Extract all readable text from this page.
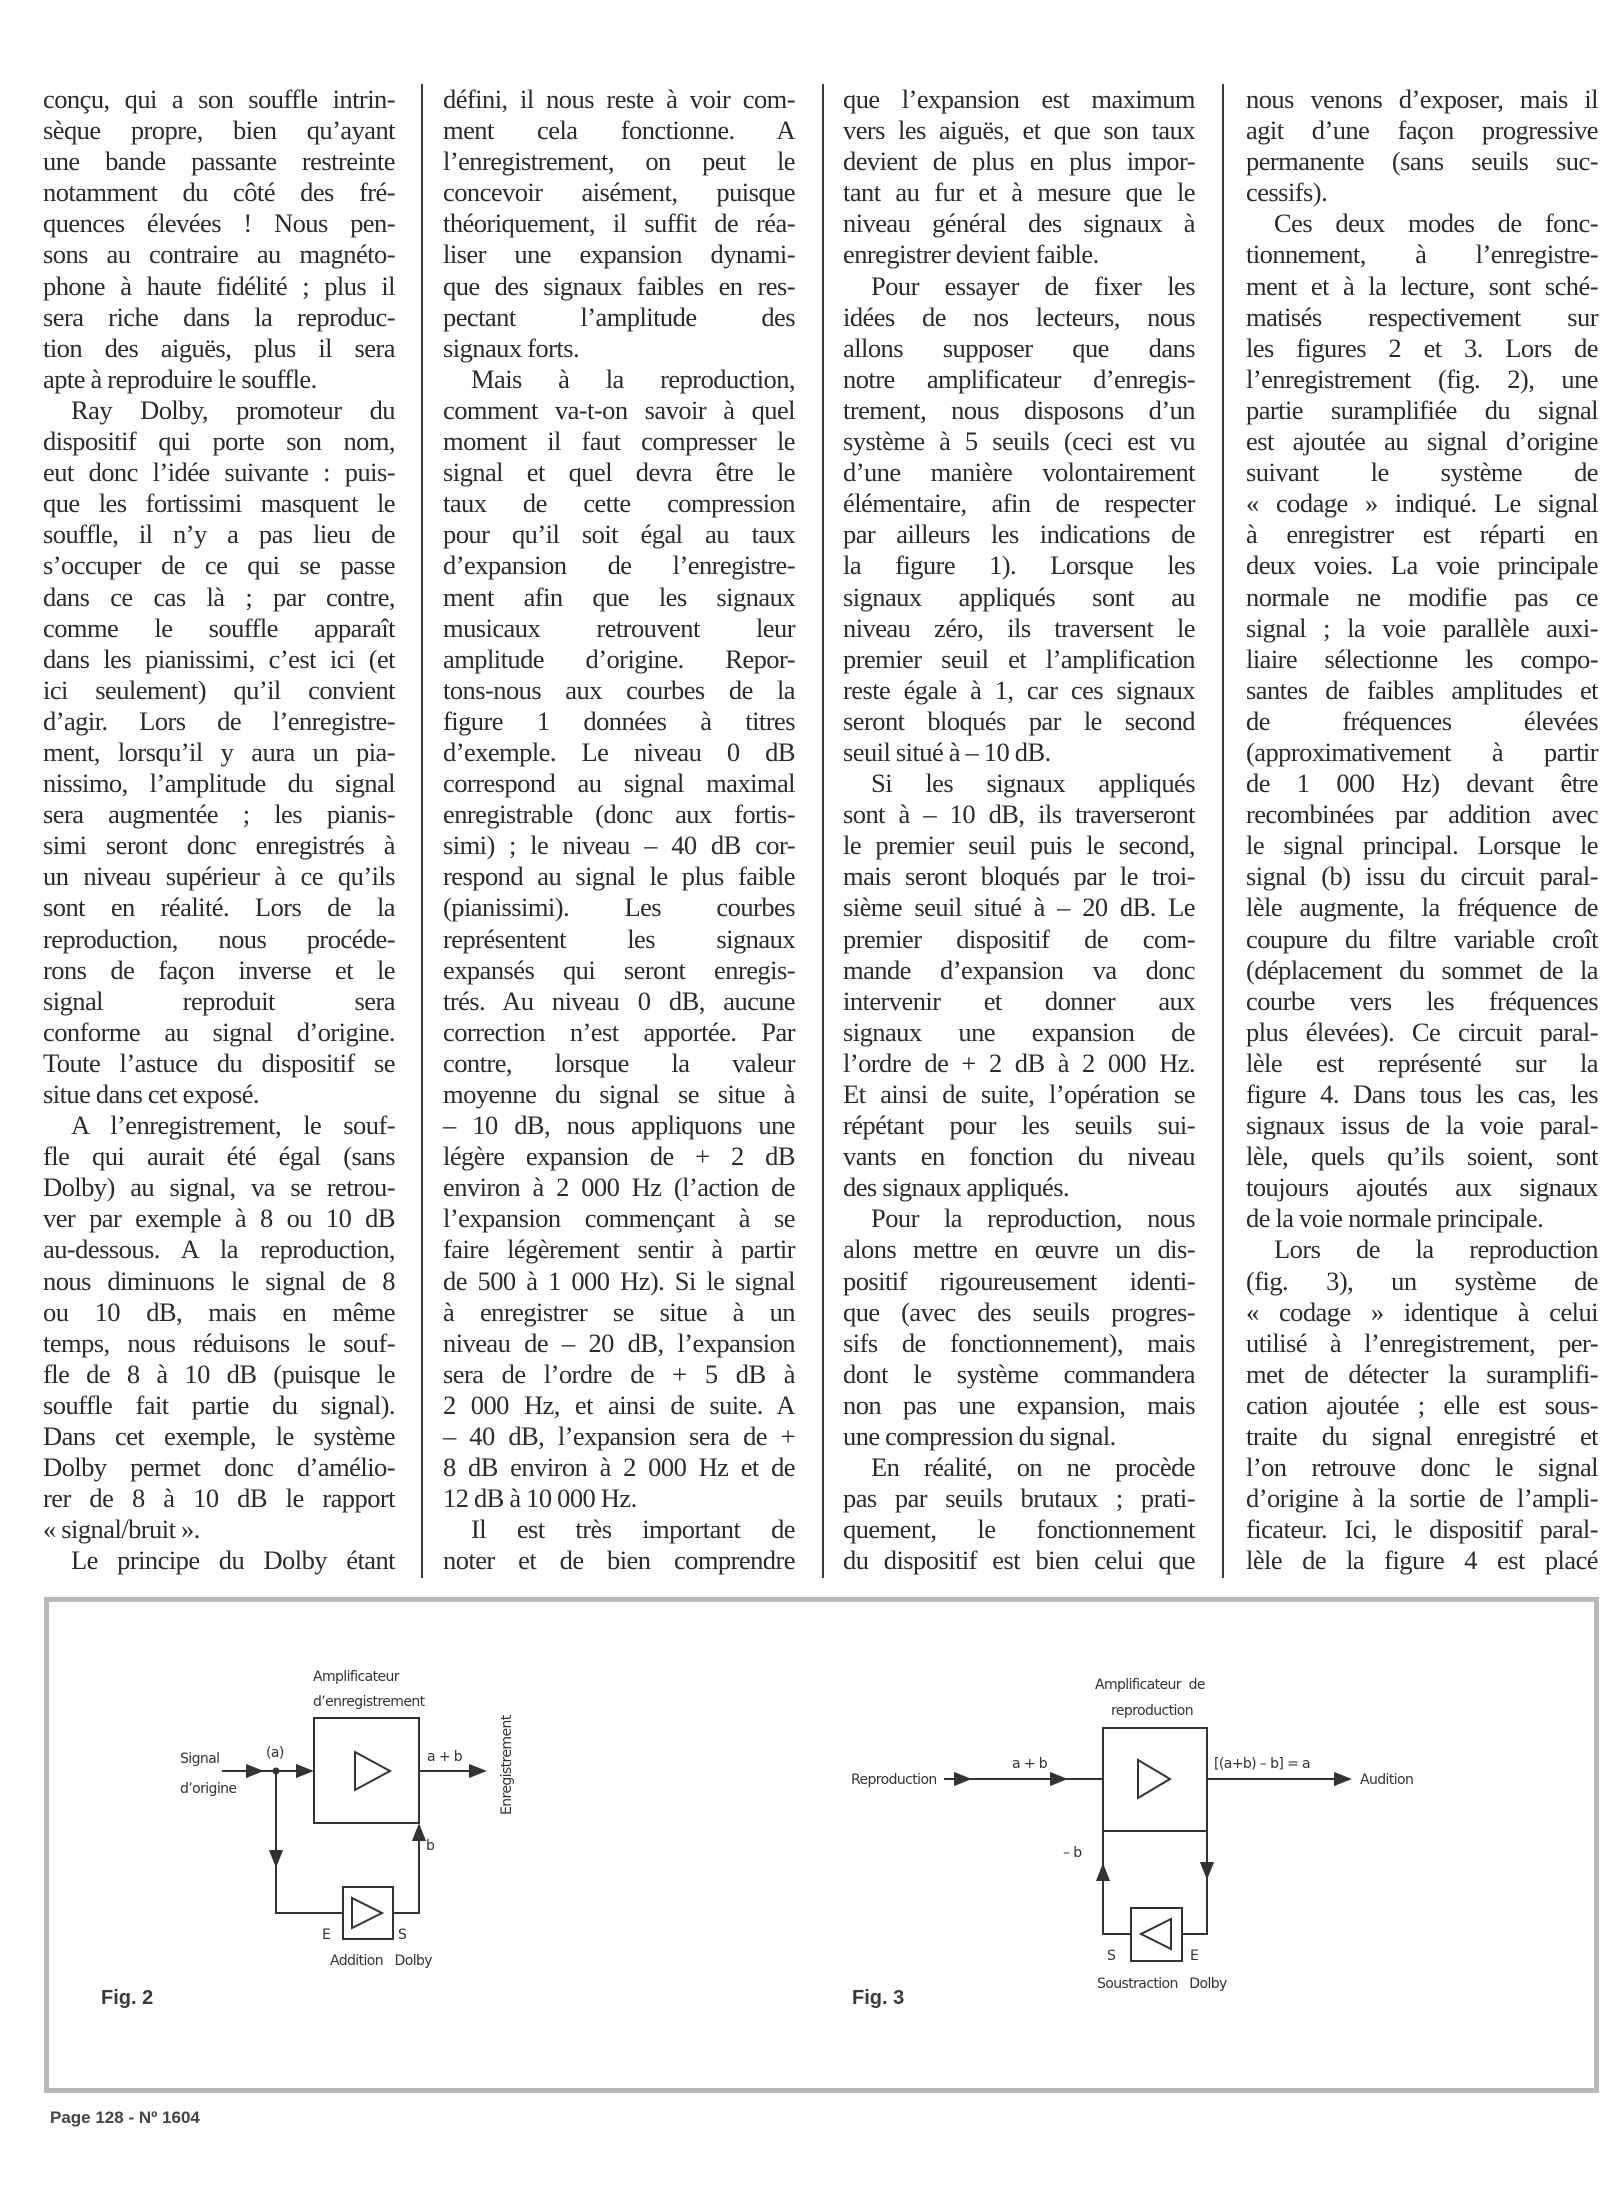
conçu, qui a son souffle intrin-
sèque propre, bien qu’ayant
une bande passante restreinte
notamment du côté des fré-
quences élevées ! Nous pen-
sons au contraire au magnéto-
phone à haute fidélité ; plus il
sera riche dans la reproduc-
tion des aiguës, plus il sera
apte à reproduire le souffle.
Ray Dolby, promoteur du
dispositif qui porte son nom,
eut donc l’idée suivante : puis-
que les fortissimi masquent le
souffle, il n’y a pas lieu de
s’occuper de ce qui se passe
dans ce cas là ; par contre,
comme le souffle apparaît
dans les pianissimi, c’est ici (et
ici seulement) qu’il convient
d’agir. Lors de l’enregistre-
ment, lorsqu’il y aura un pia-
nissimo, l’amplitude du signal
sera augmentée ; les pianis-
simi seront donc enregistrés à
un niveau supérieur à ce qu’ils
sont en réalité. Lors de la
reproduction, nous procéde-
rons de façon inverse et le
signal reproduit sera
conforme au signal d’origine.
Toute l’astuce du dispositif se
situe dans cet exposé.
A l’enregistrement, le souf-
fle qui aurait été égal (sans
Dolby) au signal, va se retrou-
ver par exemple à 8 ou 10 dB
au-dessous. A la reproduction,
nous diminuons le signal de 8
ou 10 dB, mais en même
temps, nous réduisons le souf-
fle de 8 à 10 dB (puisque le
souffle fait partie du signal).
Dans cet exemple, le système
Dolby permet donc d’amélio-
rer de 8 à 10 dB le rapport
« signal/bruit ».
Le principe du Dolby étant
défini, il nous reste à voir com-
ment cela fonctionne. A
l’enregistrement, on peut le
concevoir aisément, puisque
théoriquement, il suffit de réa-
liser une expansion dynami-
que des signaux faibles en res-
pectant l’amplitude des
signaux forts.
Mais à la reproduction,
comment va-t-on savoir à quel
moment il faut compresser le
signal et quel devra être le
taux de cette compression
pour qu’il soit égal au taux
d’expansion de l’enregistre-
ment afin que les signaux
musicaux retrouvent leur
amplitude d’origine. Repor-
tons-nous aux courbes de la
figure 1 données à titres
d’exemple. Le niveau 0 dB
correspond au signal maximal
enregistrable (donc aux fortis-
simi) ; le niveau – 40 dB cor-
respond au signal le plus faible
(pianissimi). Les courbes
représentent les signaux
expansés qui seront enregis-
trés. Au niveau 0 dB, aucune
correction n’est apportée. Par
contre, lorsque la valeur
moyenne du signal se situe à
– 10 dB, nous appliquons une
légère expansion de + 2 dB
environ à 2 000 Hz (l’action de
l’expansion commençant à se
faire légèrement sentir à partir
de 500 à 1 000 Hz). Si le signal
à enregistrer se situe à un
niveau de – 20 dB, l’expansion
sera de l’ordre de + 5 dB à
2 000 Hz, et ainsi de suite. A
– 40 dB, l’expansion sera de +
8 dB environ à 2 000 Hz et de
12 dB à 10 000 Hz.
Il est très important de
noter et de bien comprendre
que l’expansion est maximum
vers les aiguës, et que son taux
devient de plus en plus impor-
tant au fur et à mesure que le
niveau général des signaux à
enregistrer devient faible.
Pour essayer de fixer les
idées de nos lecteurs, nous
allons supposer que dans
notre amplificateur d’enregis-
trement, nous disposons d’un
système à 5 seuils (ceci est vu
d’une manière volontairement
élémentaire, afin de respecter
par ailleurs les indications de
la figure 1). Lorsque les
signaux appliqués sont au
niveau zéro, ils traversent le
premier seuil et l’amplification
reste égale à 1, car ces signaux
seront bloqués par le second
seuil situé à – 10 dB.
Si les signaux appliqués
sont à – 10 dB, ils traverseront
le premier seuil puis le second,
mais seront bloqués par le troi-
sième seuil situé à – 20 dB. Le
premier dispositif de com-
mande d’expansion va donc
intervenir et donner aux
signaux une expansion de
l’ordre de + 2 dB à 2 000 Hz.
Et ainsi de suite, l’opération se
répétant pour les seuils sui-
vants en fonction du niveau
des signaux appliqués.
Pour la reproduction, nous
alons mettre en œuvre un dis-
positif rigoureusement identi-
que (avec des seuils progres-
sifs de fonctionnement), mais
dont le système commandera
non pas une expansion, mais
une compression du signal.
En réalité, on ne procède
pas par seuils brutaux ; prati-
quement, le fonctionnement
du dispositif est bien celui que
nous venons d’exposer, mais il
agit d’une façon progressive
permanente (sans seuils suc-
cessifs).
Ces deux modes de fonc-
tionnement, à l’enregistre-
ment et à la lecture, sont sché-
matisés respectivement sur
les figures 2 et 3. Lors de
l’enregistrement (fig. 2), une
partie suramplifiée du signal
est ajoutée au signal d’origine
suivant le système de
« codage » indiqué. Le signal
à enregistrer est réparti en
deux voies. La voie principale
normale ne modifie pas ce
signal ; la voie parallèle auxi-
liaire sélectionne les compo-
santes de faibles amplitudes et
de fréquences élevées
(approximativement à partir
de 1 000 Hz) devant être
recombinées par addition avec
le signal principal. Lorsque le
signal (b) issu du circuit paral-
lèle augmente, la fréquence de
coupure du filtre variable croît
(déplacement du sommet de la
courbe vers les fréquences
plus élevées). Ce circuit paral-
lèle est représenté sur la
figure 4. Dans tous les cas, les
signaux issus de la voie paral-
lèle, quels qu’ils soient, sont
toujours ajoutés aux signaux
de la voie normale principale.
Lors de la reproduction
(fig. 3), un système de
« codage » identique à celui
utilisé à l’enregistrement, per-
met de détecter la suramplifi-
cation ajoutée ; elle est sous-
traite du signal enregistré et
l’on retrouve donc le signal
d’origine à la sortie de l’ampli-
ficateur. Ici, le dispositif paral-
lèle de la figure 4 est placé
Amplificateur
d’enregistrement
Signal
d’origine
(a)	a + b	Enregistrement
b
E	S
Addition   Dolby
Fig. 2
Amplificateur  de
reproduction
Reproduction
a + b	[(a+b) – b] = a
Audition
– b
S	E
Soustraction   Dolby
Fig. 3
Page 128 - Nº 1604
